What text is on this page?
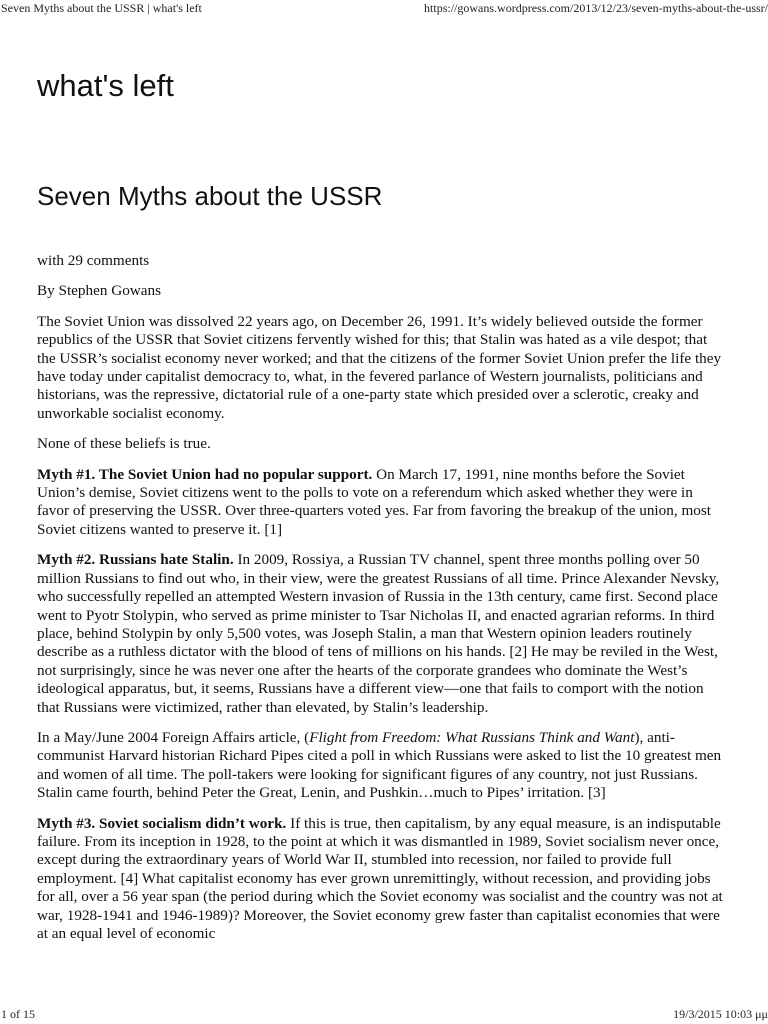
Seven Myths about the USSR | what's left	https://gowans.wordpress.com/2013/12/23/seven-myths-about-the-ussr/
what's left
Seven Myths about the USSR

with 29 comments

By Stephen Gowans

The Soviet Union was dissolved 22 years ago, on December 26, 1991. It’s widely believed outside the former republics of the USSR that Soviet citizens fervently wished for this; that Stalin was hated as a vile despot; that the USSR’s socialist economy never worked; and that the citizens of the former Soviet Union prefer the life they have today under capitalist democracy to, what, in the fevered parlance of Western journalists, politicians and historians, was the repressive, dictatorial rule of a one-party state which presided over a sclerotic, creaky and unworkable socialist economy.

None of these beliefs is true.

Myth #1. The Soviet Union had no popular support. On March 17, 1991, nine months before the Soviet Union’s demise, Soviet citizens went to the polls to vote on a referendum which asked whether they were in favor of preserving the USSR. Over three-quarters voted yes. Far from favoring the breakup of the union, most Soviet citizens wanted to preserve it. [1]

Myth #2. Russians hate Stalin. In 2009, Rossiya, a Russian TV channel, spent three months polling over 50 million Russians to find out who, in their view, were the greatest Russians of all time. Prince Alexander Nevsky, who successfully repelled an attempted Western invasion of Russia in the 13th century, came first. Second place went to Pyotr Stolypin, who served as prime minister to Tsar Nicholas II, and enacted agrarian reforms. In third place, behind Stolypin by only 5,500 votes, was Joseph Stalin, a man that Western opinion leaders routinely describe as a ruthless dictator with the blood of tens of millions on his hands. [2] He may be reviled in the West, not surprisingly, since he was never one after the hearts of the corporate grandees who dominate the West’s ideological apparatus, but, it seems, Russians have a different view—one that fails to comport with the notion that Russians were victimized, rather than elevated, by Stalin’s leadership.

In a May/June 2004 Foreign Affairs article, (Flight from Freedom: What Russians Think and Want), anti-communist Harvard historian Richard Pipes cited a poll in which Russians were asked to list the 10 greatest men and women of all time. The poll-takers were looking for significant figures of any country, not just Russians. Stalin came fourth, behind Peter the Great, Lenin, and Pushkin…much to Pipes’ irritation. [3]

Myth #3. Soviet socialism didn’t work. If this is true, then capitalism, by any equal measure, is an indisputable failure. From its inception in 1928, to the point at which it was dismantled in 1989, Soviet socialism never once, except during the extraordinary years of World War II, stumbled into recession, nor failed to provide full employment. [4] What capitalist economy has ever grown unremittingly, without recession, and providing jobs for all, over a 56 year span (the period during which the Soviet economy was socialist and the country was not at war, 1928-1941 and 1946-1989)? Moreover, the Soviet economy grew faster than capitalist economies that were at an equal level of economic

1 of 15	19/3/2015 10:03 μμ
